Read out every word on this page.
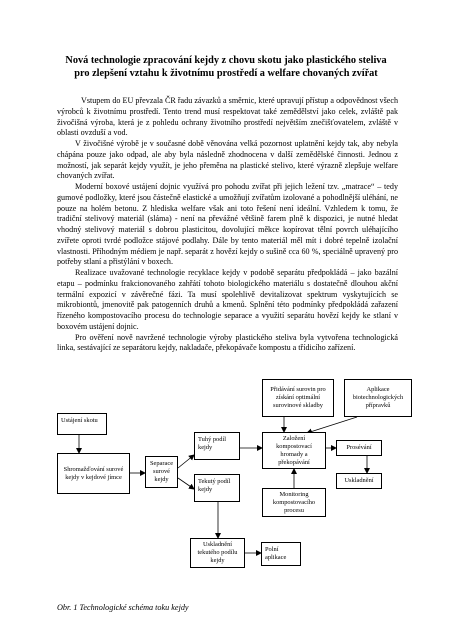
Nová technologie zpracování kejdy z chovu skotu jako plastického steliva
pro zlepšení vztahu k životnímu prostředí a welfare chovaných zvířat

Vstupem do EU převzala ČR řadu závazků a směrnic, které upravují přístup a odpovědnost všech výrobců k životnímu prostředí. Tento trend musí respektovat také zemědělství jako celek, zvláště pak živočišná výroba, která je z pohledu ochrany životního prostředí největším znečišťovatelem, zvláště v oblasti ovzduší a vod.

V živočišné výrobě je v současné době věnována velká pozornost uplatnění kejdy tak, aby nebyla chápána pouze jako odpad, ale aby byla následně zhodnocena v další zemědělské činnosti. Jednou z možností, jak separát kejdy využít, je jeho přeměna na plastické stelivo, které výrazně zlepšuje welfare chovaných zvířat.

Moderní boxové ustájení dojnic využívá pro pohodu zvířat při jejich ležení tzv. „matrace“ – tedy gumové podložky, které jsou částečně elastické a umožňují zvířatům izolované a pohodlnější uléhání, ne pouze na holém betonu. Z hlediska welfare však ani toto řešení není ideální. Vzhledem k tomu, že tradiční stelivový materiál (sláma) - není na převážné většině farem plně k dispozici, je nutné hledat vhodný stelivový materiál s dobrou plasticitou, dovolující měkce kopírovat tělní povrch uléhajícího zvířete oproti tvrdé podložce stájové podlahy. Dále by tento materiál měl mít i dobré tepelně izolační vlastnosti. Příhodným médiem je např. separát z hovězí kejdy o sušině cca 60 %, speciálně upravený pro potřeby stlaní a přistýlání v boxech.

Realizace uvažované technologie recyklace kejdy v podobě separátu předpokládá – jako bazální etapu – podmínku frakcionovaného zahřátí tohoto biologického materiálu s dostatečně dlouhou akční termální expozicí v závěrečné fázi. Ta musí spolehlivě devitalizovat spektrum vyskytujících se mikrobiontů, jmenovitě pak patogenních druhů a kmenů. Splnění této podmínky předpokládá zařazení řízeného kompostovacího procesu do technologie separace a využití separátu hovězí kejdy ke stlaní v boxovém ustájení dojnic.

Pro ověření nově navržené technologie výroby plastického steliva byla vytvořena technologická linka, sestávající ze separátoru kejdy, nakladače, překopávače kompostu a třídicího zařízení.

Přidávání surovin pro získání optimální surovinové skladby
Aplikace biotechnologických přípravků
Ustájení skotu
Shromažďování surové kejdy v kejdové jímce
Separace surové kejdy
Tuhý podíl kejdy
Tekutý podíl kejdy
Založení kompostovací hromady a překopávání
Monitoring kompostovacího procesu
Prosévání
Uskladnění
Uskladnění tekutého podílu kejdy
Polní aplikace
Obr. 1 Technologické schéma toku kejdy
